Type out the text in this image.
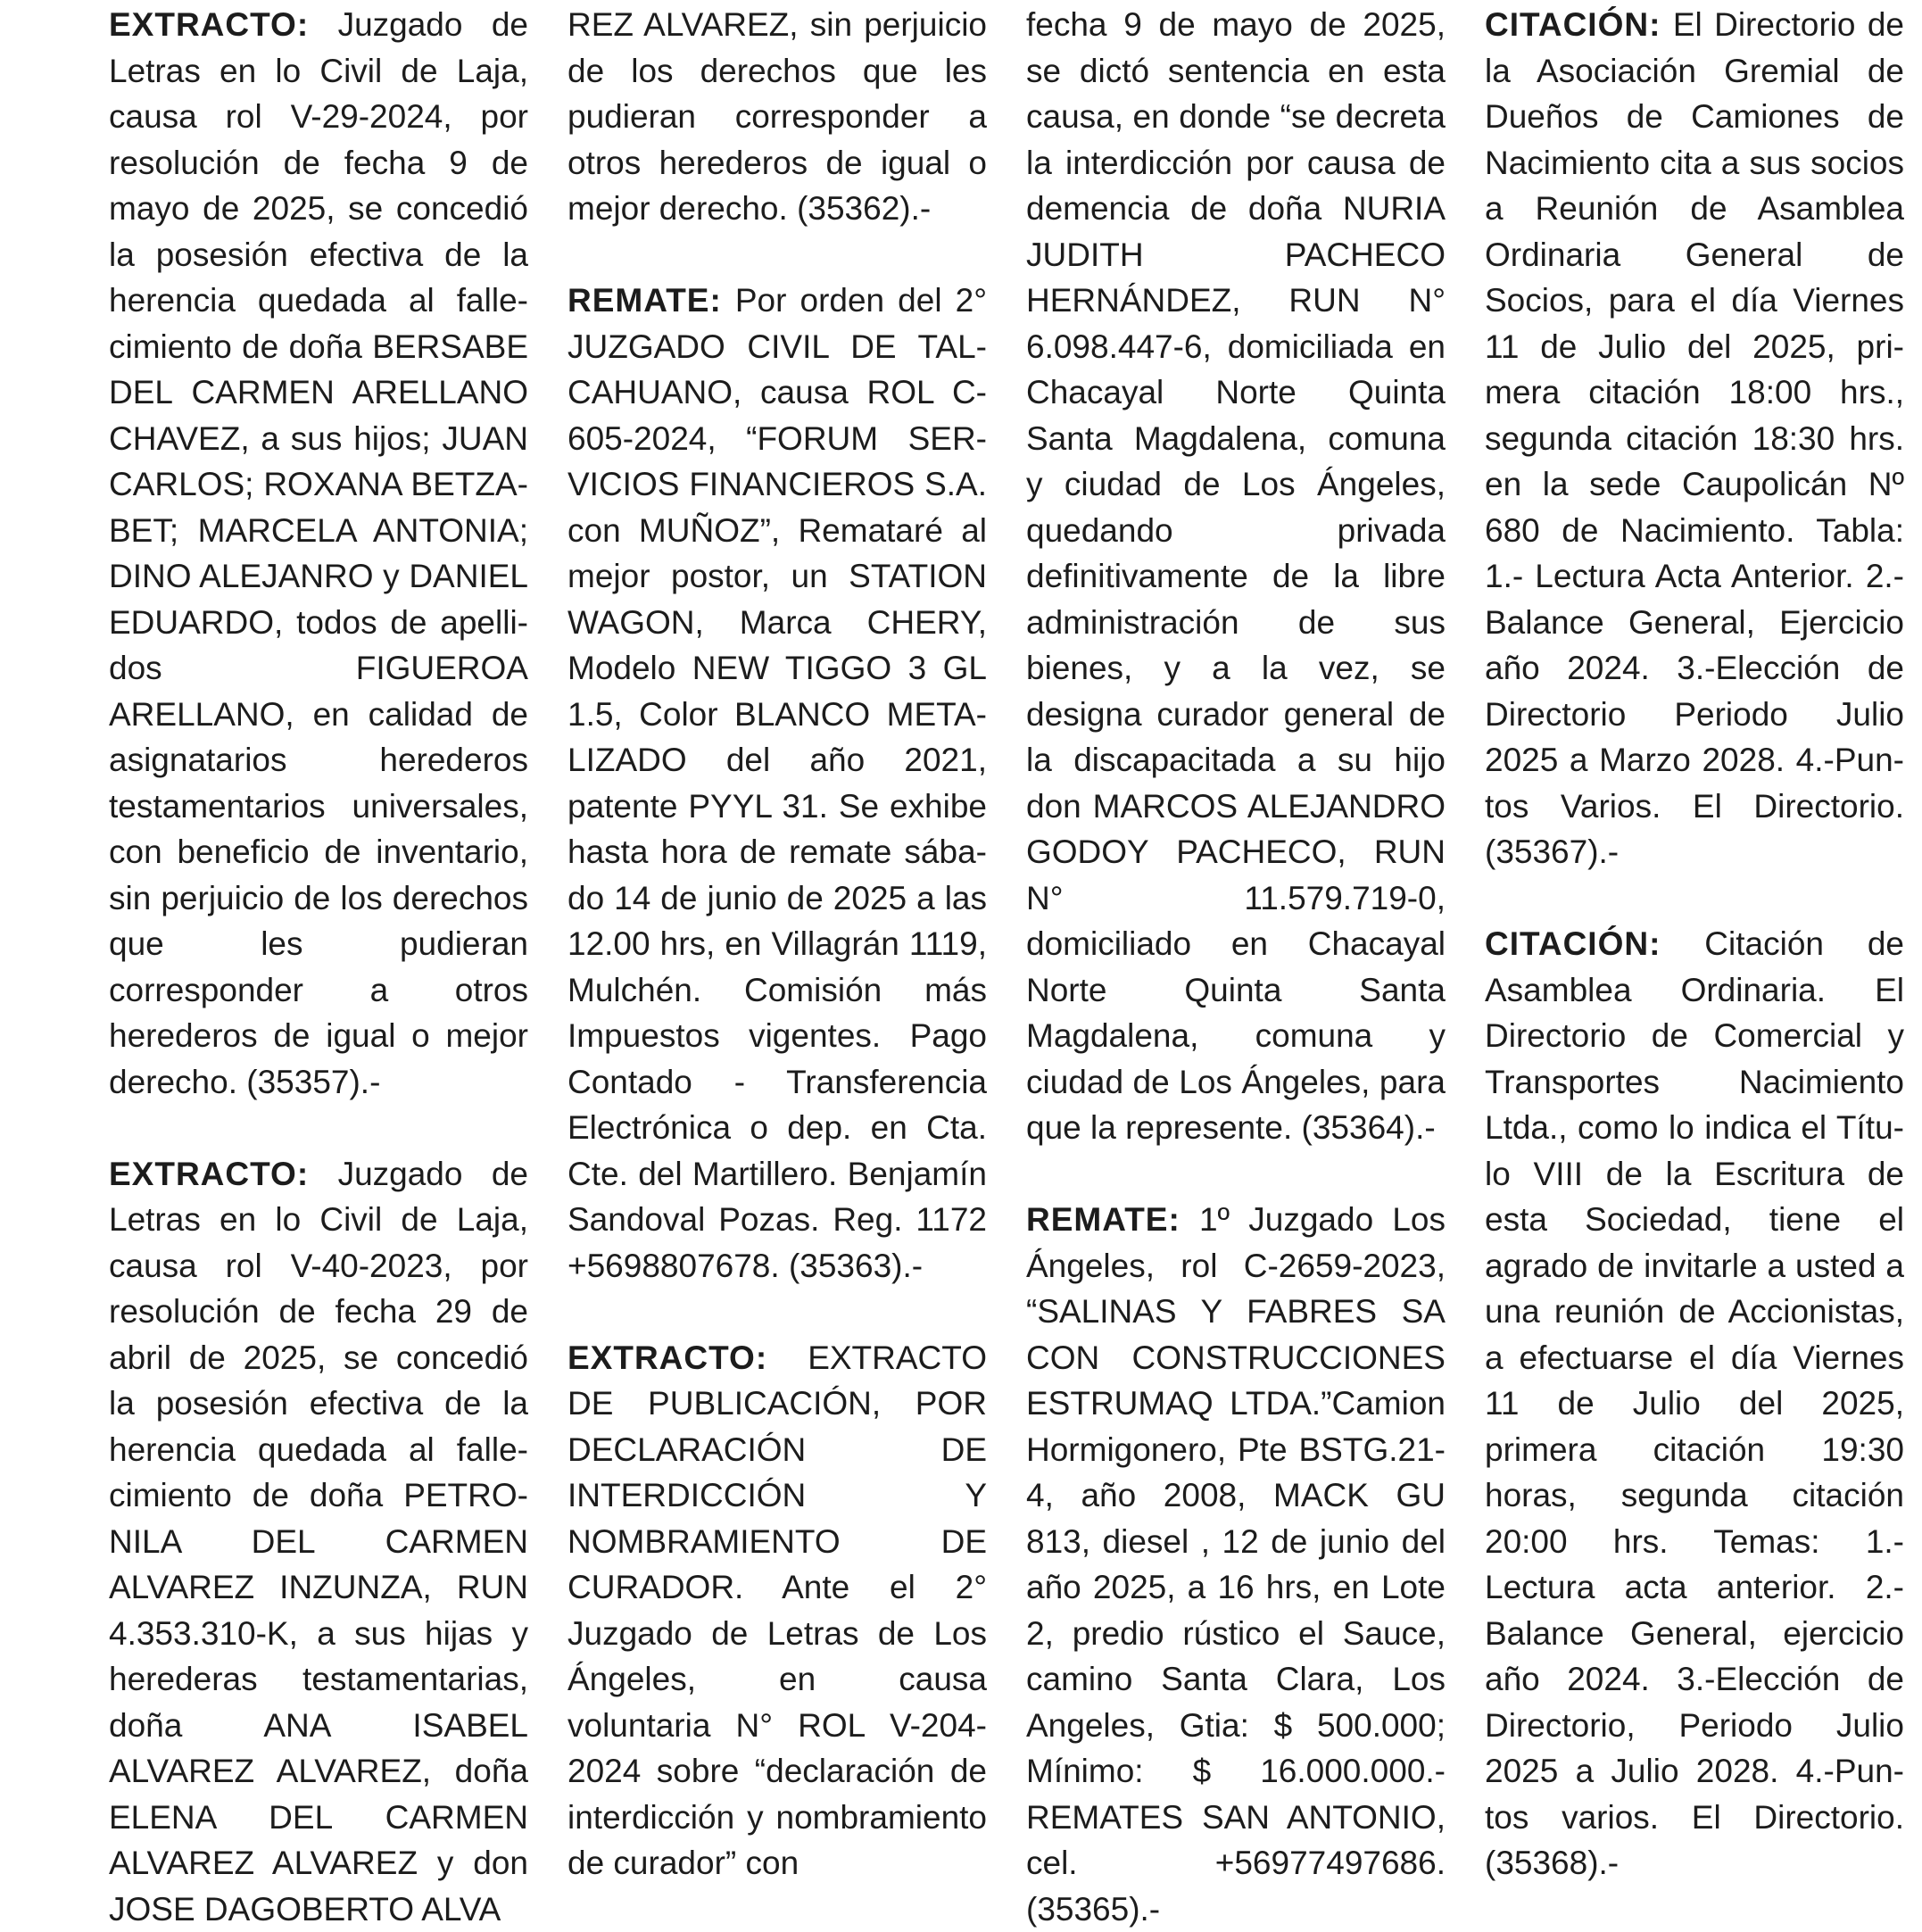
EXTRACTO: Juzgado de Letras en lo Civil de Laja, causa rol V-29-2024, por resolución de fecha 9 de mayo de 2025, se concedió la posesión efectiva de la herencia quedada al fallecimiento de doña BERSABE DEL CARMEN ARELLANO CHAVEZ, a sus hijos; JUAN CARLOS; ROXANA BETZABET; MARCELA ANTONIA; DINO ALEJANRO y DANIEL EDUARDO, todos de apellidos FIGUEROA ARELLANO, en calidad de asignatarios herederos testamentarios universales, con beneficio de inventario, sin perjuicio de los derechos que les pudieran corresponder a otros herederos de igual o mejor derecho. (35357).-

EXTRACTO: Juzgado de Letras en lo Civil de Laja, causa rol V-40-2023, por resolución de fecha 29 de abril de 2025, se concedió la posesión efectiva de la herencia quedada al fallecimiento de doña PETRONILA DEL CARMEN ALVAREZ INZUNZA, RUN 4.353.310-K, a sus hijas y herederas testamentarias, doña ANA ISABEL ALVAREZ ALVAREZ, doña ELENA DEL CARMEN ALVAREZ ALVAREZ y don JOSE DAGOBERTO ALVA

REZ ALVAREZ, sin perjuicio de los derechos que les pudieran corresponder a otros herederos de igual o mejor derecho. (35362).-

REMATE: Por orden del 2° JUZGADO CIVIL DE TALCAHUANO, causa ROL C-605-2024, “FORUM SERVICIOS FINANCIEROS S.A. con MUÑOZ”, Remataré al mejor postor, un STATION WAGON, Marca CHERY, Modelo NEW TIGGO 3 GL 1.5, Color BLANCO METALIZADO del año 2021, patente PYYL 31. Se exhibe hasta hora de remate sábado 14 de junio de 2025 a las 12.00 hrs, en Villagrán 1119, Mulchén. Comisión más Impuestos vigentes. Pago Contado - Transferencia Electrónica o dep. en Cta. Cte. del Martillero. Benjamín Sandoval Pozas. Reg. 1172 +5698807678. (35363).-

EXTRACTO: EXTRACTO DE PUBLICACIÓN, POR DECLARACIÓN DE INTERDICCIÓN Y NOMBRAMIENTO DE CURADOR. Ante el 2° Juzgado de Letras de Los Ángeles, en causa voluntaria N° ROL V-204- 2024 sobre “declaración de interdicción y nombramiento de curador” con

fecha 9 de mayo de 2025, se dictó sentencia en esta causa, en donde “se decreta la interdicción por causa de demencia de doña NURIA JUDITH PACHECO HERNÁNDEZ, RUN N° 6.098.447-6, domiciliada en Chacayal Norte Quinta Santa Magdalena, comuna y ciudad de Los Ángeles, quedando privada definitivamente de la libre administración de sus bienes, y a la vez, se designa curador general de la discapacitada a su hijo don MARCOS ALEJANDRO GODOY PACHECO, RUN N° 11.579.719-0, domiciliado en Chacayal Norte Quinta Santa Magdalena, comuna y ciudad de Los Ángeles, para que la represente. (35364).-

REMATE: 1º Juzgado Los Ángeles, rol C-2659-2023, “SALINAS Y FABRES SA CON CONSTRUCCIONES ESTRUMAQ LTDA.”Camion Hormigonero, Pte BSTG.21-4, año 2008, MACK GU 813, diesel , 12 de junio del año 2025, a 16 hrs, en Lote 2, predio rústico el Sauce, camino Santa Clara, Los Angeles, Gtia: $ 500.000; Mínimo: $ 16.000.000.- REMATES SAN ANTONIO, cel. +56977497686. (35365).-

CITACIÓN: El Directorio de la Asociación Gremial de Dueños de Camiones de Nacimiento cita a sus socios a Reunión de Asamblea Ordinaria General de Socios, para el día Viernes 11 de Julio del 2025, primera citación 18:00 hrs., segunda citación 18:30 hrs. en la sede Caupolicán Nº 680 de Nacimiento. Tabla: 1.- Lectura Acta Anterior. 2.- Balance General, Ejercicio año 2024. 3.-Elección de Directorio Periodo Julio 2025 a Marzo 2028. 4.-Puntos Varios. El Directorio. (35367).-

CITACIÓN: Citación de Asamblea Ordinaria. El Directorio de Comercial y Transportes Nacimiento Ltda., como lo indica el Título VIII de la Escritura de esta Sociedad, tiene el agrado de invitarle a usted a una reunión de Accionistas, a efectuarse el día Viernes 11 de Julio del 2025, primera citación 19:30 horas, segunda citación 20:00 hrs. Temas: 1.-Lectura acta anterior. 2.- Balance General, ejercicio año 2024. 3.-Elección de Directorio, Periodo Julio 2025 a Julio 2028. 4.-Puntos varios. El Directorio. (35368).-
